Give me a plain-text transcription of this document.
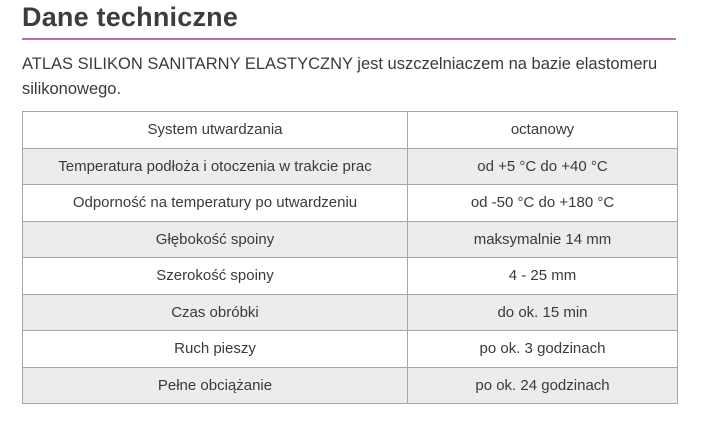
Dane techniczne
ATLAS SILIKON SANITARNY ELASTYCZNY jest uszczelniaczem na bazie elastomeru silikonowego.
System utwardzania	octanowy
Temperatura podłoża i otoczenia w trakcie prac	od +5 °C do +40 °C
Odporność na temperatury po utwardzeniu	od -50 °C do +180 °C
Głębokość spoiny	maksymalnie 14 mm
Szerokość spoiny	4 - 25 mm
Czas obróbki	do ok. 15 min
Ruch pieszy	po ok. 3 godzinach
Pełne obciążanie	po ok. 24 godzinach
